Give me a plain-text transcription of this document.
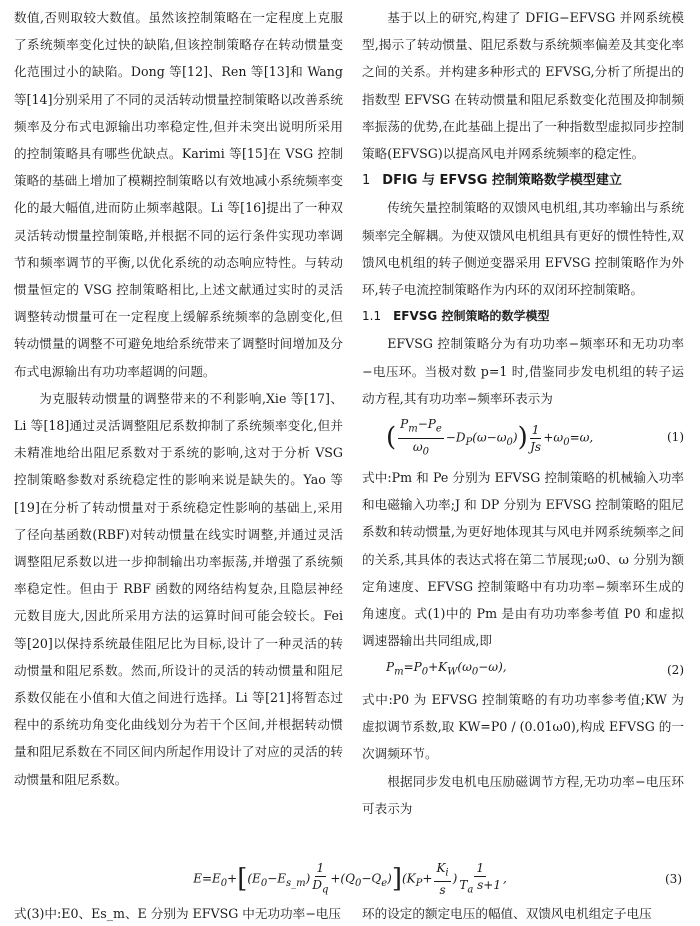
数值,否则取较大数值。虽然该控制策略在一定程度上克服了系统频率变化过快的缺陷,但该控制策略存在转动惯量变化范围过小的缺陷。Dong 等[12]、Ren 等[13]和 Wang 等[14]分别采用了不同的灵活转动惯量控制策略以改善系统频率及分布式电源输出功率稳定性,但并未突出说明所采用的控制策略具有哪些优缺点。Karimi 等[15]在 VSG 控制策略的基础上增加了模糊控制策略以有效地减小系统频率变化的最大幅值,进而防止频率越限。Li 等[16]提出了一种双灵活转动惯量控制策略,并根据不同的运行条件实现功率调节和频率调节的平衡,以优化系统的动态响应特性。与转动惯量恒定的 VSG 控制策略相比,上述文献通过实时的灵活调整转动惯量可在一定程度上缓解系统频率的急剧变化,但转动惯量的调整不可避免地给系统带来了调整时间增加及分布式电源输出有功功率超调的问题。

为克服转动惯量的调整带来的不利影响,Xie 等[17]、Li 等[18]通过灵活调整阻尼系数抑制了系统频率变化,但并未精准地给出阻尼系数对于系统的影响,这对于分析 VSG 控制策略参数对系统稳定性的影响来说是缺失的。Yao 等[19]在分析了转动惯量对于系统稳定性影响的基础上,采用了径向基函数(RBF)对转动惯量在线实时调整,并通过灵活调整阻尼系数以进一步抑制输出功率振荡,并增强了系统频率稳定性。但由于 RBF 函数的网络结构复杂,且隐层神经元数目庞大,因此所采用方法的运算时间可能会较长。Fei 等[20]以保持系统最佳阻尼比为目标,设计了一种灵活的转动惯量和阻尼系数。然而,所设计的灵活的转动惯量和阻尼系数仅能在小值和大值之间进行选择。Li 等[21]将暂态过程中的系统功角变化曲线划分为若干个区间,并根据转动惯量和阻尼系数在不同区间内所起作用设计了对应的灵活的转动惯量和阻尼系数。

基于以上的研究,构建了 DFIG−EFVSG 并网系统模型,揭示了转动惯量、阻尼系数与系统频率偏差及其变化率之间的关系。并构建多种形式的 EFVSG,分析了所提出的指数型 EFVSG 在转动惯量和阻尼系数变化范围及抑制频率振荡的优势,在此基础上提出了一种指数型虚拟同步控制策略(EFVSG)以提高风电并网系统频率的稳定性。

1 DFIG 与 EFVSG 控制策略数学模型建立

传统矢量控制策略的双馈风电机组,其功率输出与系统频率完全解耦。为使双馈风电机组具有更好的惯性特性,双馈风电机组的转子侧逆变器采用 EFVSG 控制策略作为外环,转子电流控制策略作为内环的双闭环控制策略。

1.1 EFVSG 控制策略的数学模型

EFVSG 控制策略分为有功功率−频率环和无功功率−电压环。当极对数 p=1 时,借鉴同步发电机组的转子运动方程,其有功功率−频率环表示为

( $\frac{P_m-P_e}{\omega_0} -D_P(\omega-\omega_0)) \frac{1}{Js} +\omega_0=\omega$,	(1)

式中:Pm 和 Pe 分别为 EFVSG 控制策略的机械输入功率和电磁输入功率;J 和 DP 分别为 EFVSG 控制策略的阻尼系数和转动惯量,为更好地体现其与风电并网系统频率之间的关系,其具体的表达式将在第二节展现;ω0、ω 分别为额定角速度、EFVSG 控制策略中有功功率−频率环生成的角速度。式(1)中的 Pm 是由有功功率参考值 P0 和虚拟调速器输出共同组成,即

$P_m=P_0+K_W(\omega_0-\omega)$,	(2)

式中:P0 为 EFVSG 控制策略的有功功率参考值;KW 为虚拟调节系数,取 KW=P0 / (0.01ω0),构成 EFVSG 的一次调频环节。

根据同步发电机电压励磁调节方程,无功功率−电压环可表示为

$E=E_0+[(E_0-E_{s\_m}) \frac{1}{D_q} +(Q_0-Q_e)](K_P+ \frac{K_i}{s}$ ) $\frac{1}{T_a s+1}$ ,	(3)
式(3)中:E0、Es_m、E 分别为 EFVSG 中无功功率−电压 环的设定的额定电压的幅值、双馈风电机组定子电压
